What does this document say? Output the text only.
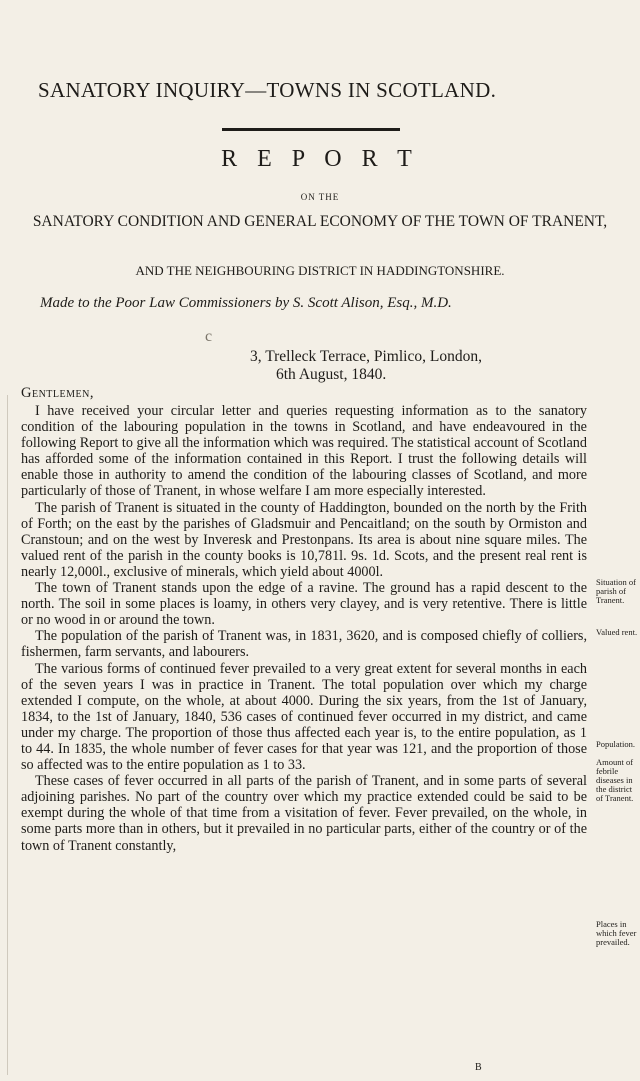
SANATORY INQUIRY—TOWNS IN SCOTLAND.
R E P O R T
ON THE
SANATORY CONDITION AND GENERAL ECONOMY OF THE TOWN OF TRANENT,
AND THE NEIGHBOURING DISTRICT IN HADDINGTONSHIRE.
Made to the Poor Law Commissioners by S. Scott Alison, Esq., M.D.
c
3, Trelleck Terrace, Pimlico, London,
6th August, 1840.
Gentlemen,

I have received your circular letter and queries requesting information as to the sanatory condition of the labouring population in the towns in Scotland, and have endeavoured in the following Report to give all the information which was required. The statistical account of Scotland has afforded some of the information contained in this Report. I trust the following details will enable those in authority to amend the condition of the labouring classes of Scotland, and more particularly of those of Tranent, in whose welfare I am more especially interested.

The parish of Tranent is situated in the county of Haddington, bounded on the north by the Frith of Forth; on the east by the parishes of Gladsmuir and Pencaitland; on the south by Ormiston and Cranstoun; and on the west by Inveresk and Prestonpans. Its area is about nine square miles. The valued rent of the parish in the county books is 10,781l. 9s. 1d. Scots, and the present real rent is nearly 12,000l., exclusive of minerals, which yield about 4000l.

The town of Tranent stands upon the edge of a ravine. The ground has a rapid descent to the north. The soil in some places is loamy, in others very clayey, and is very retentive. There is little or no wood in or around the town.

The population of the parish of Tranent was, in 1831, 3620, and is composed chiefly of colliers, fishermen, farm servants, and labourers.

The various forms of continued fever prevailed to a very great extent for several months in each of the seven years I was in practice in Tranent. The total population over which my charge extended I compute, on the whole, at about 4000. During the six years, from the 1st of January, 1834, to the 1st of January, 1840, 536 cases of continued fever occurred in my district, and came under my charge. The proportion of those thus affected each year is, to the entire population, as 1 to 44. In 1835, the whole number of fever cases for that year was 121, and the proportion of those so affected was to the entire population as 1 to 33.

These cases of fever occurred in all parts of the parish of Tranent, and in some parts of several adjoining parishes. No part of the country over which my practice extended could be said to be exempt during the whole of that time from a visitation of fever. Fever prevailed, on the whole, in some parts more than in others, but it prevailed in no particular parts, either of the country or of the town of Tranent constantly,

Situation of parish of Tranent.
Valued rent.
Population.
Amount of febrile diseases in the district of Tranent.
Places in which fever prevailed.
B
